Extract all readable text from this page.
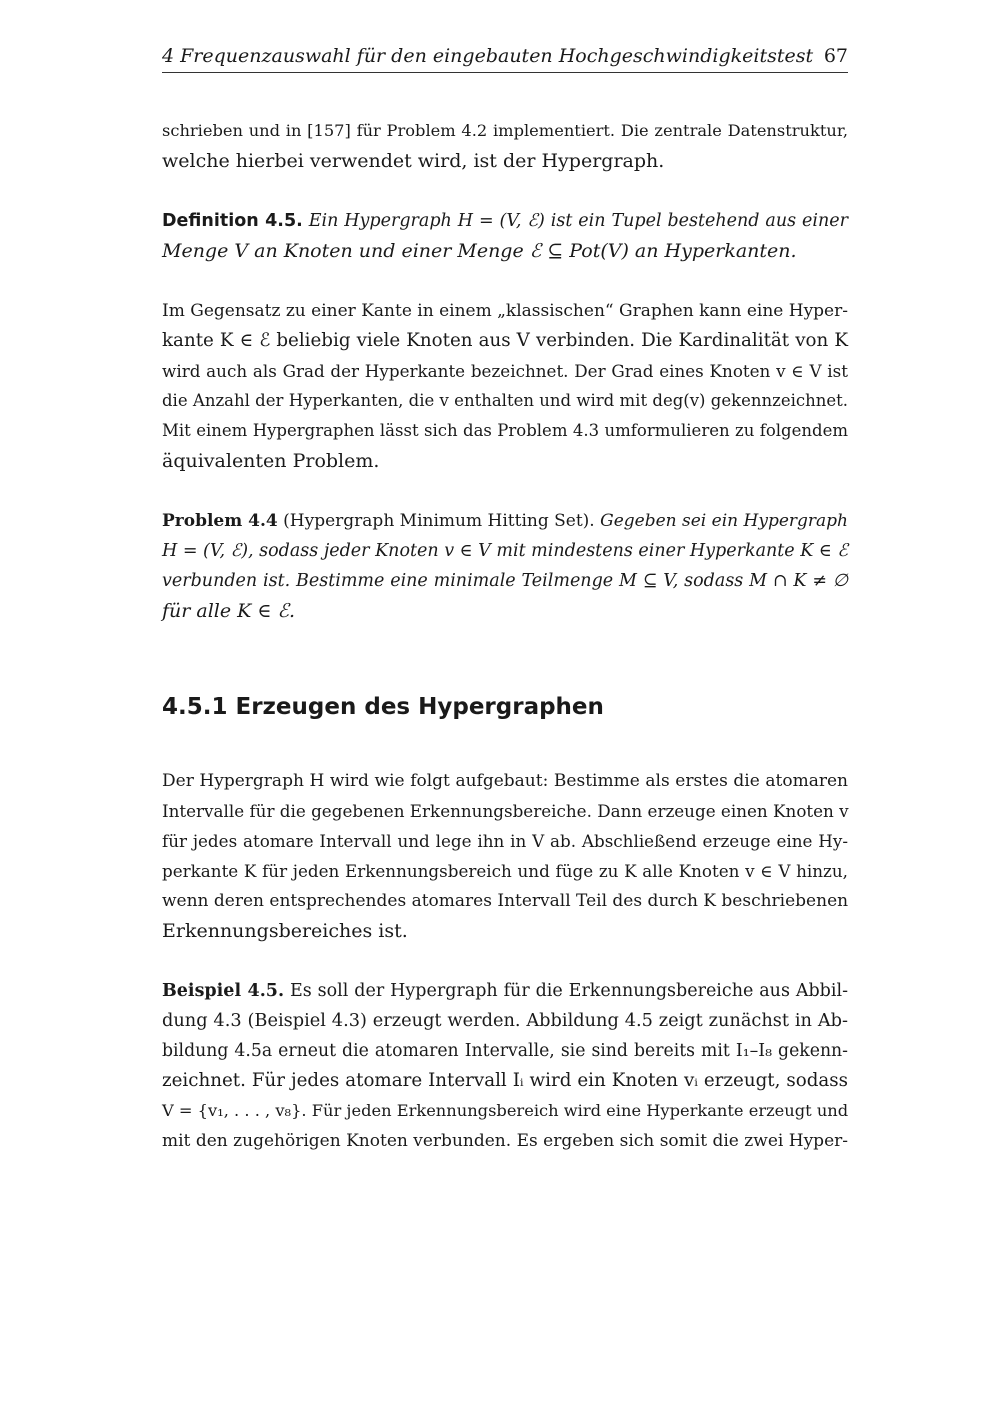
4 Frequenzauswahl für den eingebauten Hochgeschwindigkeitstest 67
schrieben und in [157] für Problem 4.2 implementiert. Die zentrale Datenstruktur,
welche hierbei verwendet wird, ist der Hypergraph.
Definition 4.5. Ein Hypergraph H = (V, ℰ) ist ein Tupel bestehend aus einer
Menge V an Knoten und einer Menge ℰ ⊆ Pot(V) an Hyperkanten.
Im Gegensatz zu einer Kante in einem „klassischen“ Graphen kann eine Hyper-
kante K ∈ ℰ beliebig viele Knoten aus V verbinden. Die Kardinalität von K
wird auch als Grad der Hyperkante bezeichnet. Der Grad eines Knoten v ∈ V ist
die Anzahl der Hyperkanten, die v enthalten und wird mit deg(v) gekennzeichnet.
Mit einem Hypergraphen lässt sich das Problem 4.3 umformulieren zu folgendem
äquivalenten Problem.
Problem 4.4 (Hypergraph Minimum Hitting Set). Gegeben sei ein Hypergraph
H = (V, ℰ), sodass jeder Knoten v ∈ V mit mindestens einer Hyperkante K ∈ ℰ
verbunden ist. Bestimme eine minimale Teilmenge M ⊆ V, sodass M ∩ K ≠ ∅
für alle K ∈ ℰ.
4.5.1 Erzeugen des Hypergraphen
Der Hypergraph H wird wie folgt aufgebaut: Bestimme als erstes die atomaren
Intervalle für die gegebenen Erkennungsbereiche. Dann erzeuge einen Knoten v
für jedes atomare Intervall und lege ihn in V ab. Abschließend erzeuge eine Hy-
perkante K für jeden Erkennungsbereich und füge zu K alle Knoten v ∈ V hinzu,
wenn deren entsprechendes atomares Intervall Teil des durch K beschriebenen
Erkennungsbereiches ist.
Beispiel 4.5. Es soll der Hypergraph für die Erkennungsbereiche aus Abbil-
dung 4.3 (Beispiel 4.3) erzeugt werden. Abbildung 4.5 zeigt zunächst in Ab-
bildung 4.5a erneut die atomaren Intervalle, sie sind bereits mit I₁–I₈ gekenn-
zeichnet. Für jedes atomare Intervall Iᵢ wird ein Knoten vᵢ erzeugt, sodass
V = {v₁, . . . , v₈}. Für jeden Erkennungsbereich wird eine Hyperkante erzeugt und
mit den zugehörigen Knoten verbunden. Es ergeben sich somit die zwei Hyper-
